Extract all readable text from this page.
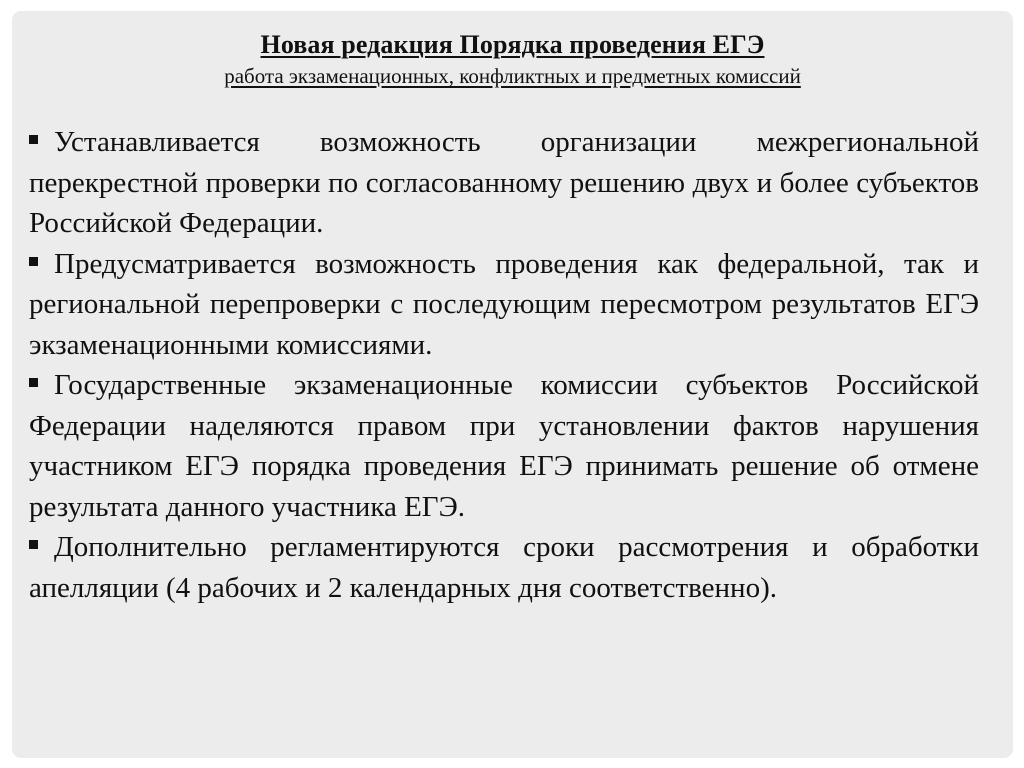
Новая редакция Порядка проведения ЕГЭ
работа экзаменационных, конфликтных и предметных комиссий
Устанавливается возможность организации межрегиональной перекрестной проверки по согласованному решению двух и более субъектов Российской Федерации.
Предусматривается возможность проведения как федеральной, так и региональной перепроверки с последующим пересмотром результатов ЕГЭ экзаменационными комиссиями.
Государственные экзаменационные комиссии субъектов Российской Федерации наделяются правом при установлении фактов нарушения участником ЕГЭ порядка проведения ЕГЭ принимать решение об отмене результата данного участника ЕГЭ.
Дополнительно регламентируются сроки рассмотрения и обработки апелляции (4 рабочих и 2 календарных дня соответственно).
